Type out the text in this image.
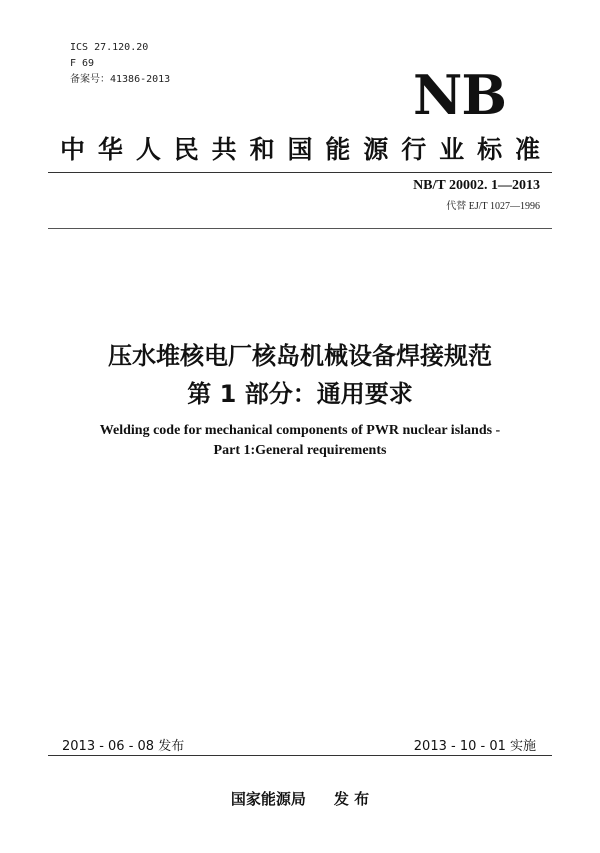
ICS 27.120.20
F 69
备案号：41386-2013	NB
中华人民共和国能源行业标准
NB/T 20002. 1—2013
代替 EJ/T 1027—1996
压水堆核电厂核岛机械设备焊接规范
第 1 部分：通用要求
Welding code for mechanical components of PWR nuclear islands -
Part 1:General requirements
2013 - 06 - 08 发布	2013 - 10 - 01 实施
国家能源局 发 布
